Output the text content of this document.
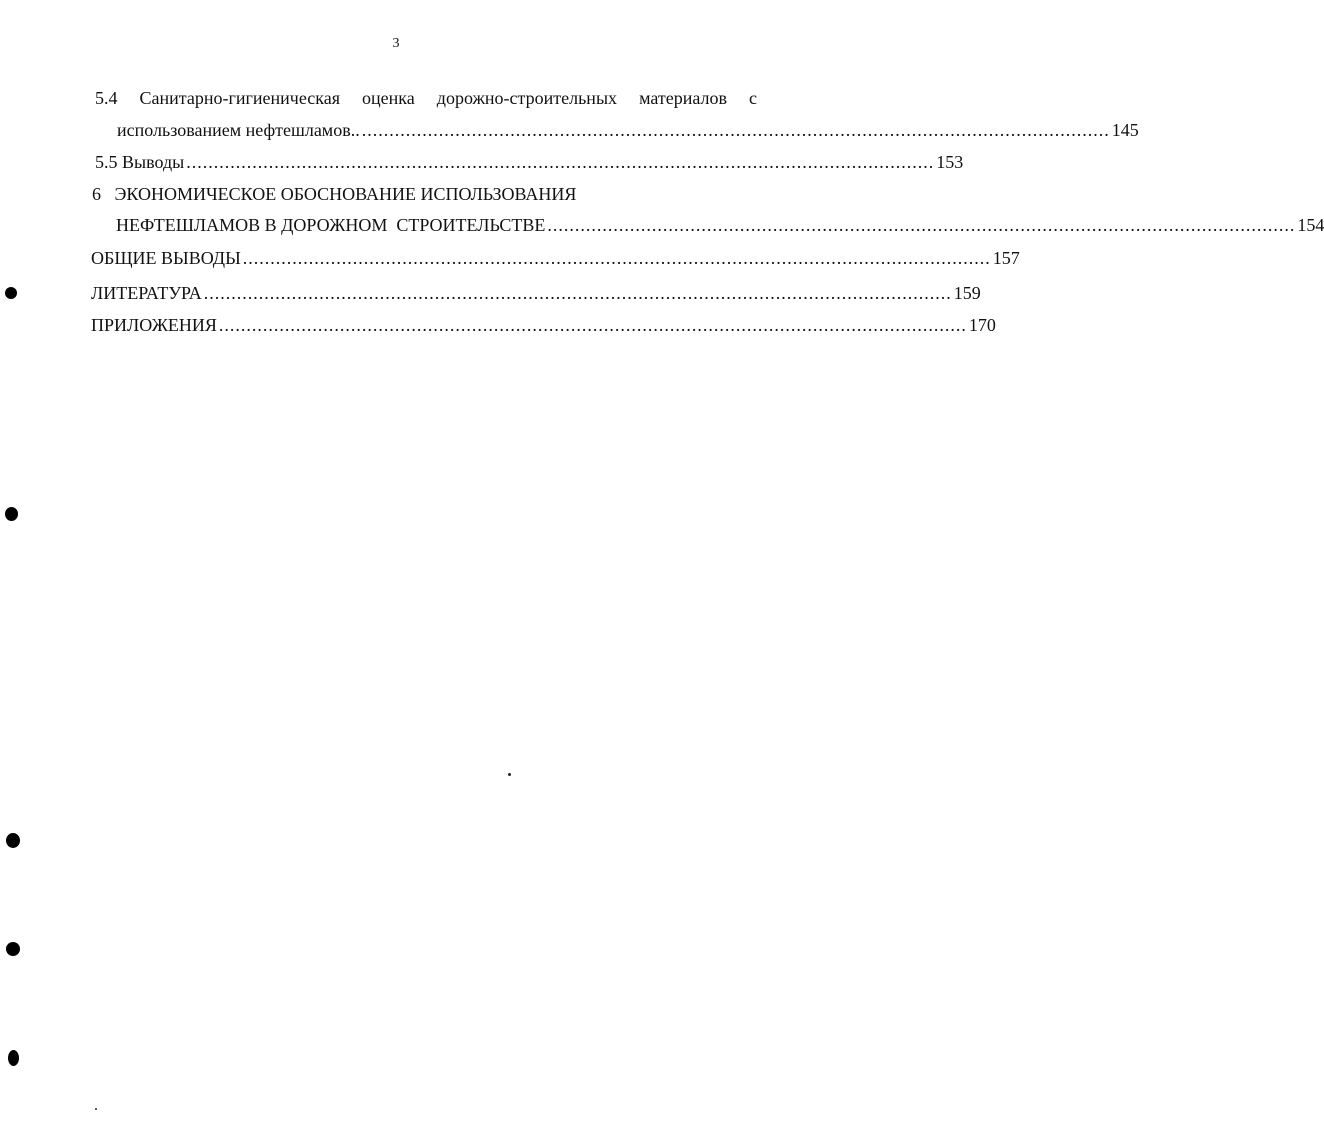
3
5.4 Санитарно-гигиеническая оценка дорожно-строительных материалов с
использованием нефтешламов.. ........................................................................................................................................ 145
5.5 Выводы ........................................................................................................................................ 153
6   ЭКОНОМИЧЕСКОЕ ОБОСНОВАНИЕ ИСПОЛЬЗОВАНИЯ
НЕФТЕШЛАМОВ В ДОРОЖНОМ  СТРОИТЕЛЬСТВЕ ........................................................................................................................................ 154
ОБЩИЕ ВЫВОДЫ ........................................................................................................................................ 157
ЛИТЕРАТУРА ........................................................................................................................................ 159
ПРИЛОЖЕНИЯ ........................................................................................................................................ 170
